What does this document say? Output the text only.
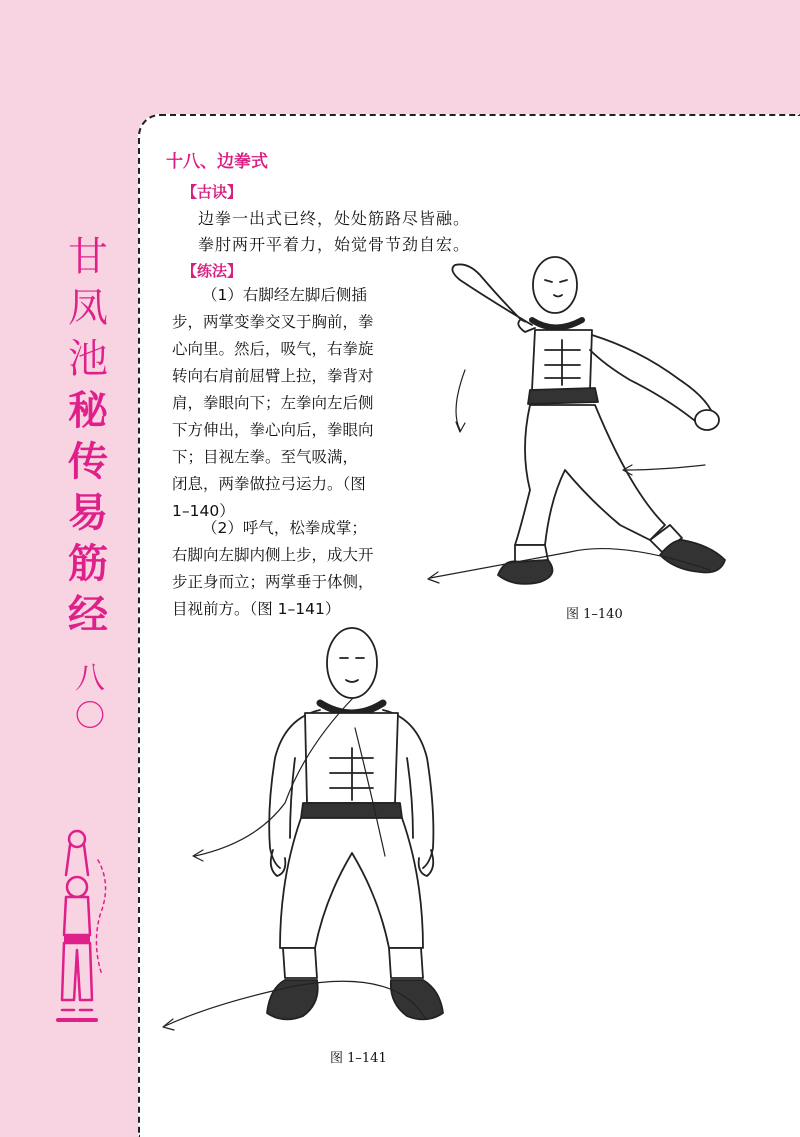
甘
凤
池
秘
传
易
筋
经
八
〇
十八、边拳式
【古诀】
边拳一出式已终，处处筋路尽皆融。
拳肘两开平着力，始觉骨节劲自宏。
【练法】
（1）右脚经左脚后侧插
步，两掌变拳交叉于胸前，拳
心向里。然后，吸气，右拳旋
转向右肩前屈臂上拉，拳背对
肩，拳眼向下；左拳向左后侧
下方伸出，拳心向后，拳眼向
下；目视左拳。至气吸满，
闭息，两拳做拉弓运力。（图
1–140）
（2）呼气，松拳成掌；
右脚向左脚内侧上步，成大开
步正身而立；两掌垂于体侧，
目视前方。（图 1–141）	图 1–140
图 1–141
